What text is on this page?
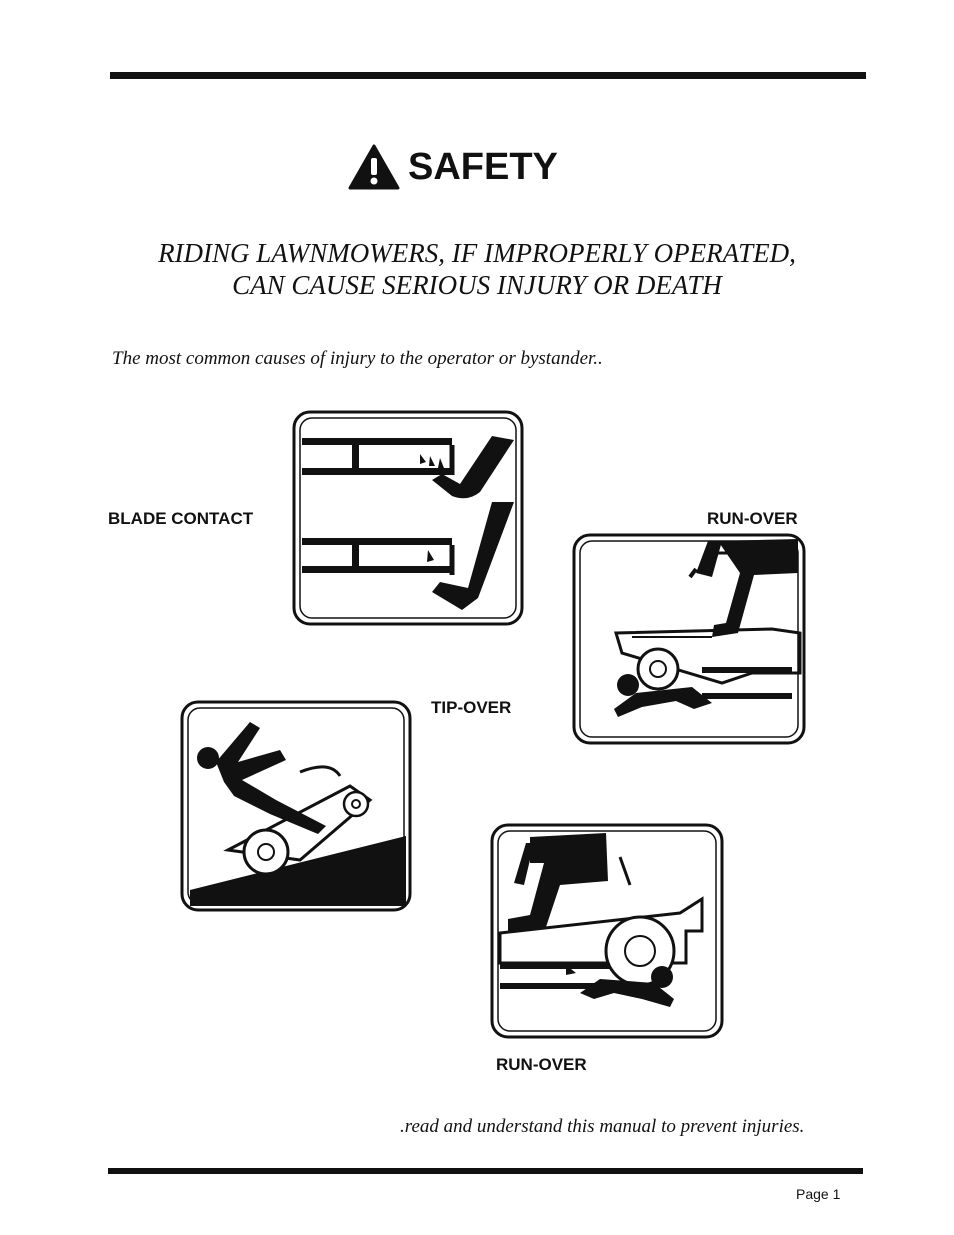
SAFETY
RIDING LAWNMOWERS, IF IMPROPERLY OPERATED,
CAN CAUSE SERIOUS INJURY OR DEATH
The most common causes of injury to the operator or bystander..
BLADE CONTACT	RUN-OVER
TIP-OVER
RUN-OVER
.read and understand this manual to prevent injuries.
Page 1
